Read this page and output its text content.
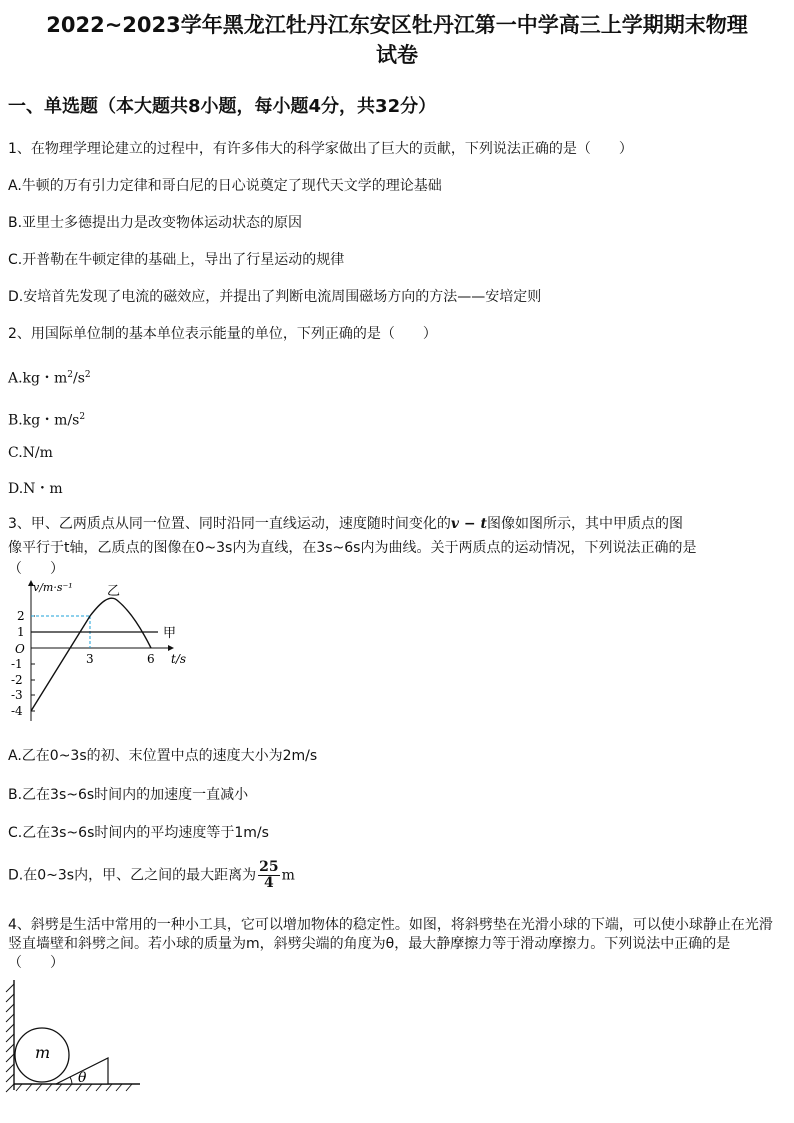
2022~2023学年黑龙江牡丹江东安区牡丹江第一中学高三上学期期末物理
试卷
一、单选题（本大题共8小题，每小题4分，共32分）
1、在物理学理论建立的过程中，有许多伟大的科学家做出了巨大的贡献，下列说法正确的是（　　）
A.牛顿的万有引力定律和哥白尼的日心说奠定了现代天文学的理论基础
B.亚里士多德提出力是改变物体运动状态的原因
C.开普勒在牛顿定律的基础上，导出了行星运动的规律
D.安培首先发现了电流的磁效应，并提出了判断电流周围磁场方向的方法——安培定则
2、用国际单位制的基本单位表示能量的单位，下列正确的是（　　）
A.kg・$m^2/s^2$
B.kg・$m/s^2$
C.N/m
D.N・m
3、甲、乙两质点从同一位置、同时沿同一直线运动，速度随时间变化的v − t图像如图所示，其中甲质点的图
像平行于t轴，乙质点的图像在0~3s内为直线，在3s~6s内为曲线。关于两质点的运动情况，下列说法正确的是
（　　）
v/m·s⁻¹
2
1
-1
-2
-3
-4
O
3	6 t/s
甲
乙
A.乙在0~3s的初、末位置中点的速度大小为2m/s
B.乙在3s~6s时间内的加速度一直减小
C.乙在3s~6s时间内的平均速度等于1m/s
D.在0~3s内，甲、乙之间的最大距离为 $\frac{25}{4}$ m
4、斜劈是生活中常用的一种小工具，它可以增加物体的稳定性。如图，将斜劈垫在光滑小球的下端，可以使小球静止在光滑竖直墙壁和斜劈之间。若小球的质量为m，斜劈尖端的角度为θ，最大静摩擦力等于滑动摩擦力。下列说法中正确的是（　　）
m
θ
